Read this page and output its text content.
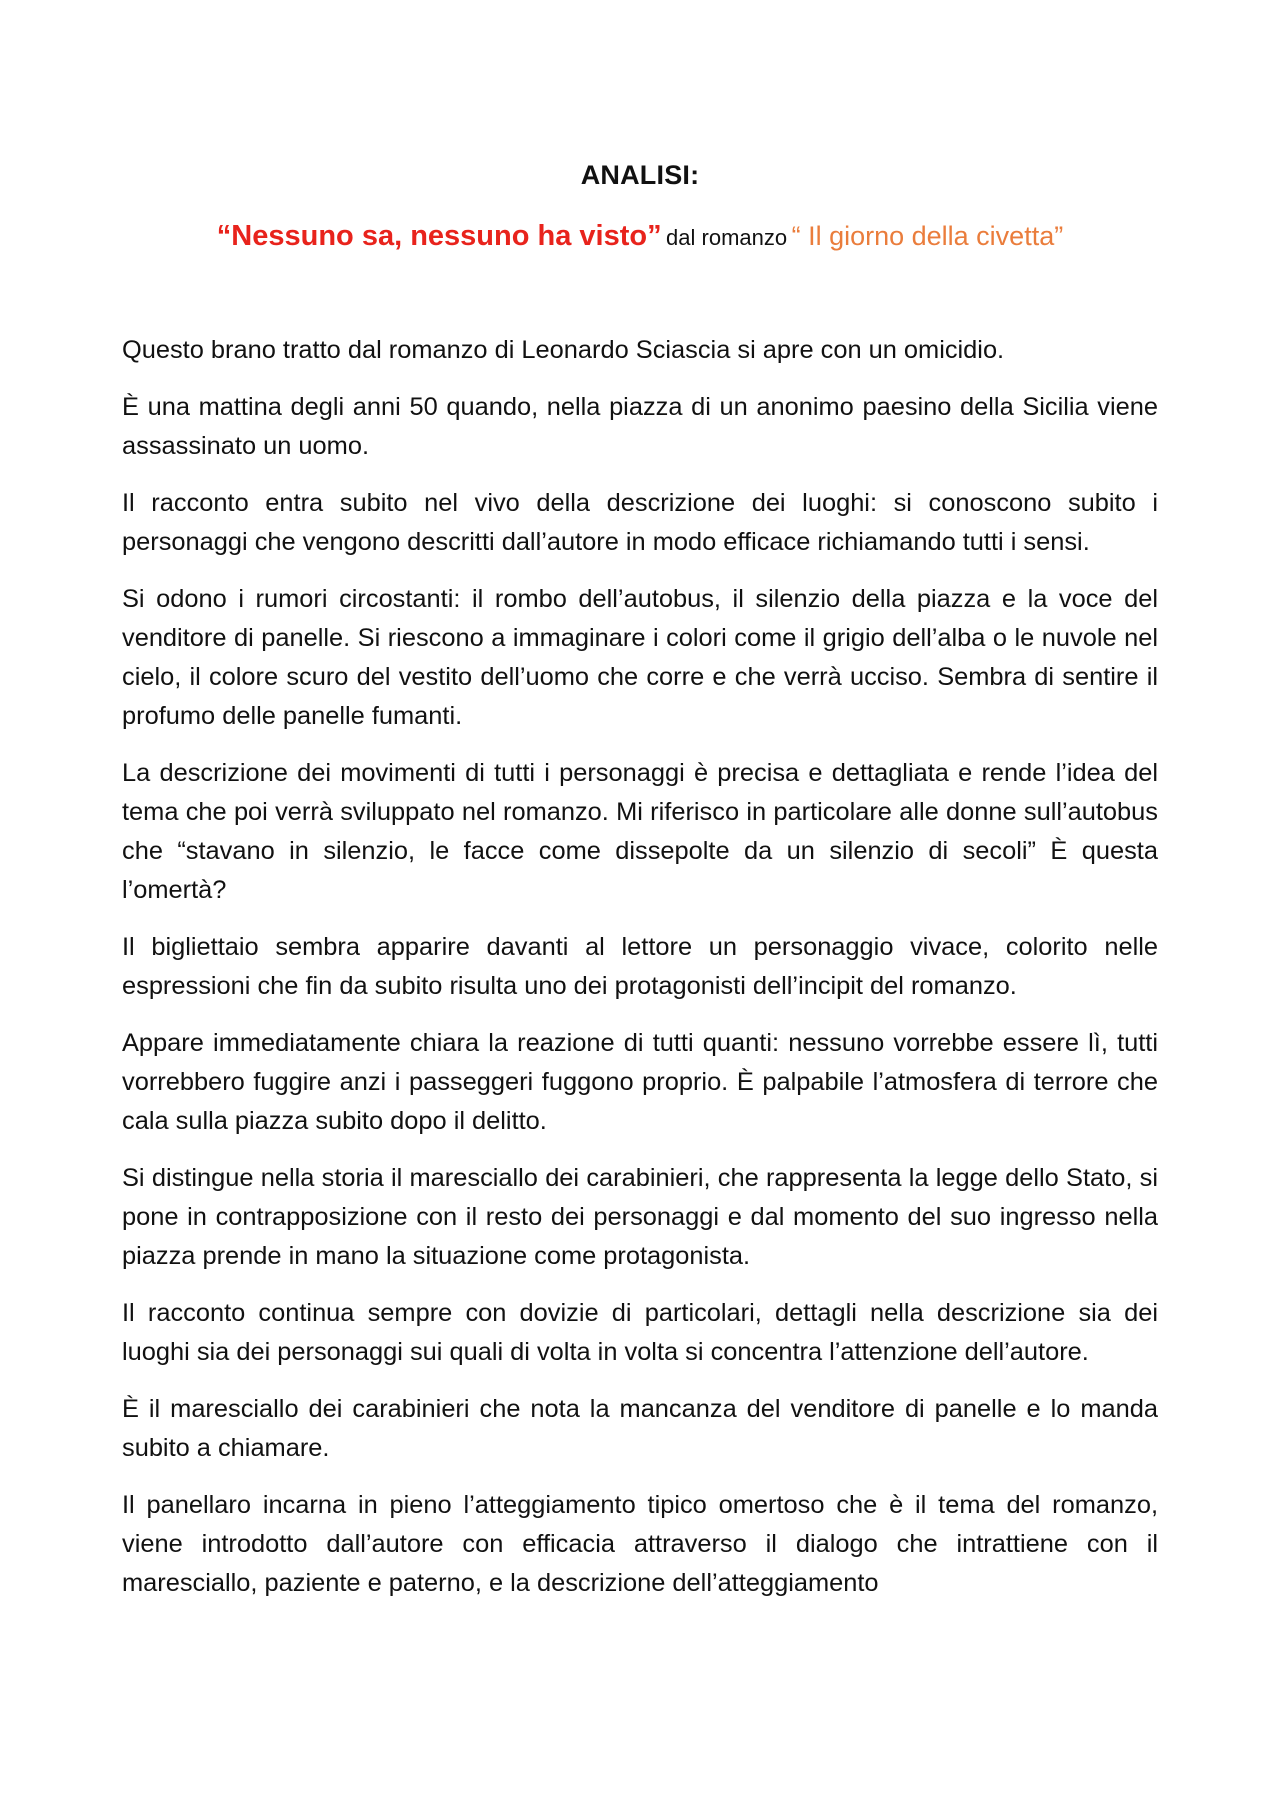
ANALISI:
“Nessuno sa, nessuno ha visto” dal romanzo “ Il giorno della civetta”

Questo brano tratto dal romanzo di Leonardo Sciascia si apre con un omicidio.

È una mattina degli anni 50 quando, nella piazza di un anonimo paesino della Sicilia viene assassinato un uomo.

Il racconto entra subito nel vivo della descrizione dei luoghi: si conoscono subito i personaggi che vengono descritti dall’autore in modo efficace richiamando tutti i sensi.

Si odono i rumori circostanti: il rombo dell’autobus, il silenzio della piazza e la voce del venditore di panelle. Si riescono a immaginare i colori come il grigio dell’alba o le nuvole nel cielo, il colore scuro del vestito dell’uomo che corre e che verrà ucciso. Sembra di sentire il profumo delle panelle fumanti.

La descrizione dei movimenti di tutti i personaggi è precisa e dettagliata e rende l’idea del tema che poi verrà sviluppato nel romanzo. Mi riferisco in particolare alle donne sull’autobus che “stavano in silenzio, le facce come dissepolte da un silenzio di secoli” È questa l’omertà?

Il bigliettaio sembra apparire davanti al lettore un personaggio vivace, colorito nelle espressioni che fin da subito risulta uno dei protagonisti dell’incipit del romanzo.

Appare immediatamente chiara la reazione di tutti quanti: nessuno vorrebbe essere lì, tutti vorrebbero fuggire anzi i passeggeri fuggono proprio. È palpabile l’atmosfera di terrore che cala sulla piazza subito dopo il delitto.

Si distingue nella storia il maresciallo dei carabinieri, che rappresenta la legge dello Stato, si pone in contrapposizione con il resto dei personaggi e dal momento del suo ingresso nella piazza prende in mano la situazione come protagonista.

Il racconto continua sempre con dovizie di particolari, dettagli nella descrizione sia dei luoghi sia dei personaggi sui quali di volta in volta si concentra l’attenzione dell’autore.

È il maresciallo dei carabinieri che nota la mancanza del venditore di panelle e lo manda subito a chiamare.

Il panellaro incarna in pieno l’atteggiamento tipico omertoso che è il tema del romanzo, viene introdotto dall’autore con efficacia attraverso il dialogo che intrattiene con il maresciallo, paziente e paterno, e la descrizione dell’atteggiamento
